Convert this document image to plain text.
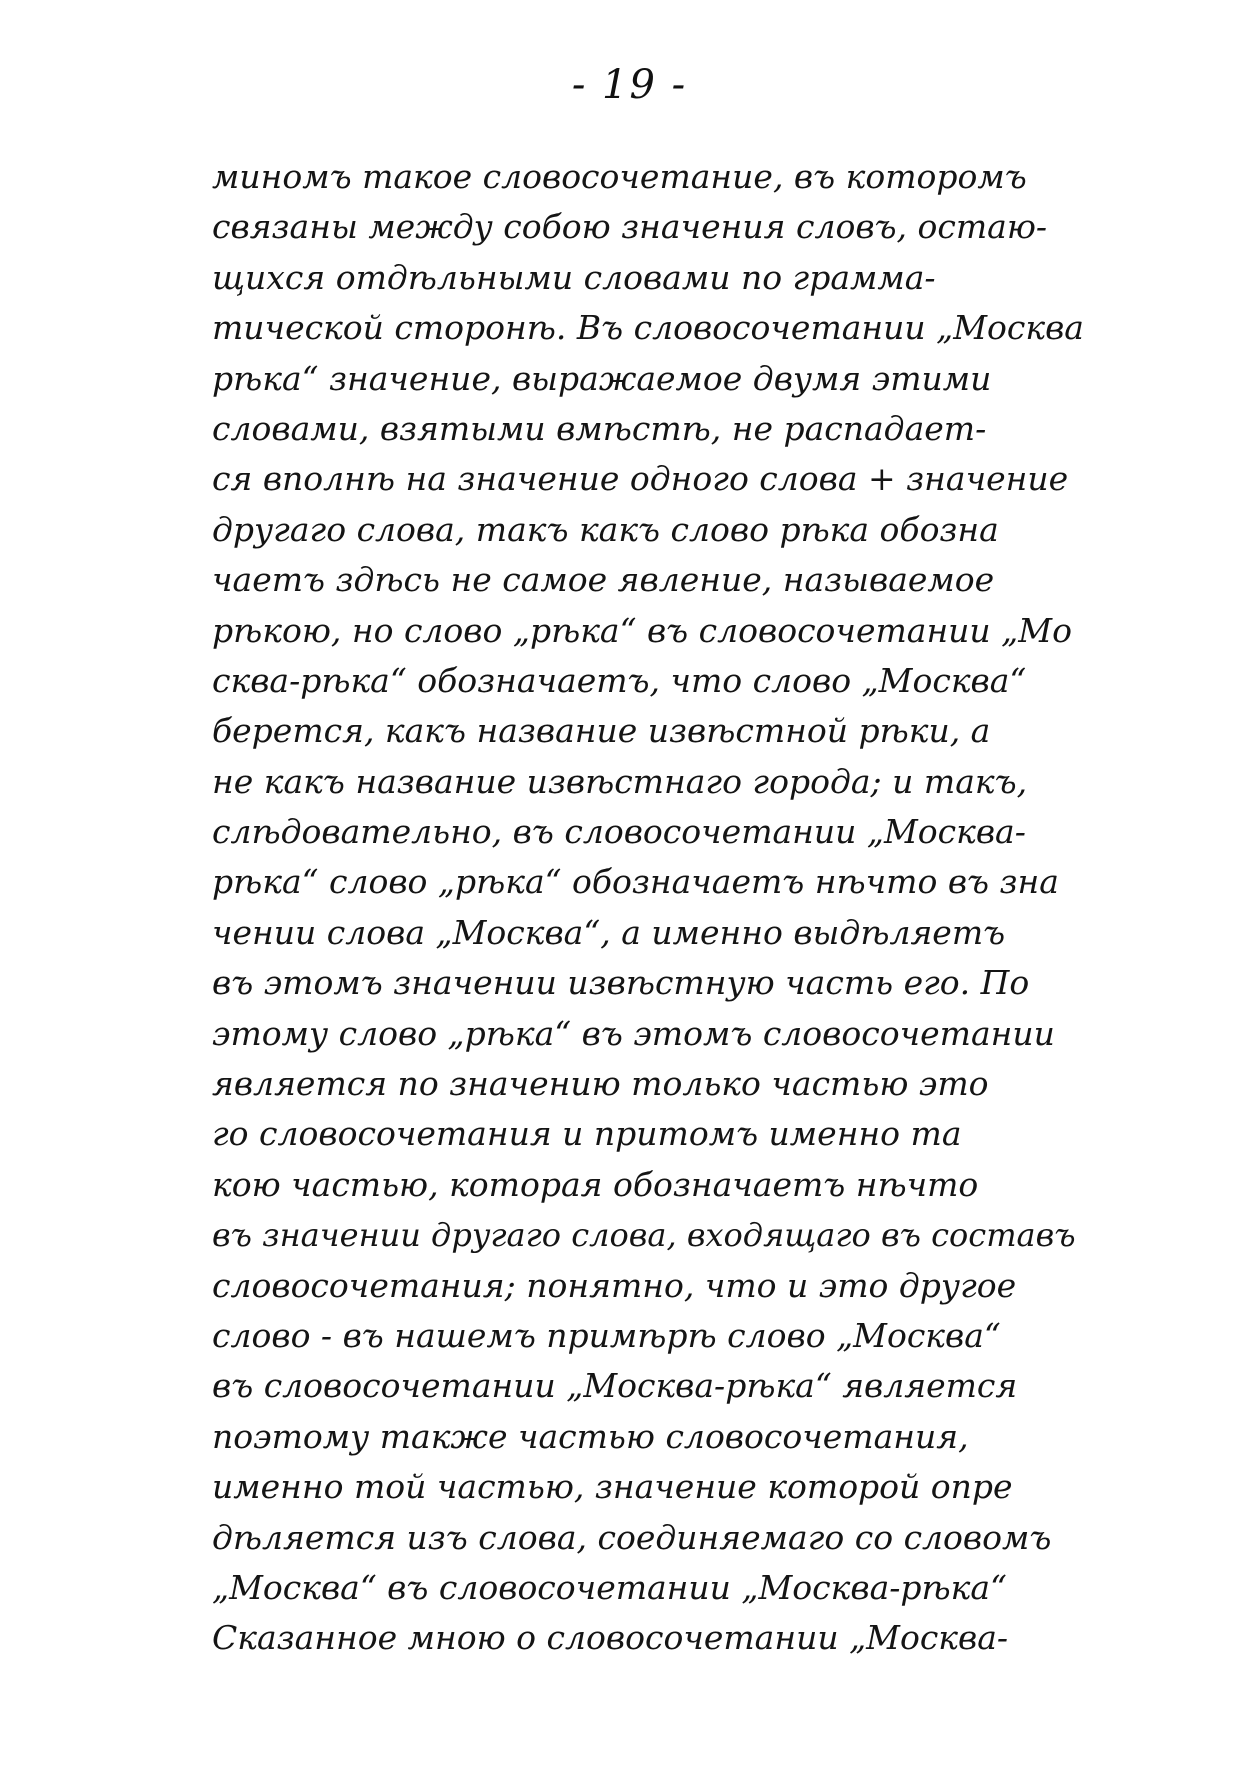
- 19 -
миномъ такое словосочетание, въ которомъ
связаны между собою значения словъ, остаю-
щихся отдѣльными словами по грамма-
тической сторонѣ. Въ словосочетании „Москва
рѣка“ значение, выражаемое двумя этими
словами, взятыми вмѣстѣ, не распадает-
ся вполнѣ на значение одного слова + значение
другаго слова, такъ какъ слово рѣка обозна
чаетъ здѣсь не самое явление, называемое
рѣкою, но слово „рѣка“ въ словосочетании „Мо
сква-рѣка“ обозначаетъ, что слово „Москва“
берется, какъ название извѣстной рѣки, а
не какъ название извѣстнаго города; и такъ,
слѣдовательно, въ словосочетании „Москва-
рѣка“ слово „рѣка“ обозначаетъ нѣчто въ зна
чении слова „Москва“, а именно выдѣляетъ
въ этомъ значении извѣстную часть его. По
этому слово „рѣка“ въ этомъ словосочетании
является по значению только частью это
го словосочетания и притомъ именно та
кою частью, которая обозначаетъ нѣчто
въ значении другаго слова, входящаго въ составъ
словосочетания; понятно, что и это другое
слово - въ нашемъ примѣрѣ слово „Москва“
въ словосочетании „Москва-рѣка“ является
поэтому также частью словосочетания,
именно той частью, значение которой опре
дѣляется изъ слова, соединяемаго со словомъ
„Москва“ въ словосочетании „Москва-рѣка“
Сказанное мною о словосочетании „Москва-
